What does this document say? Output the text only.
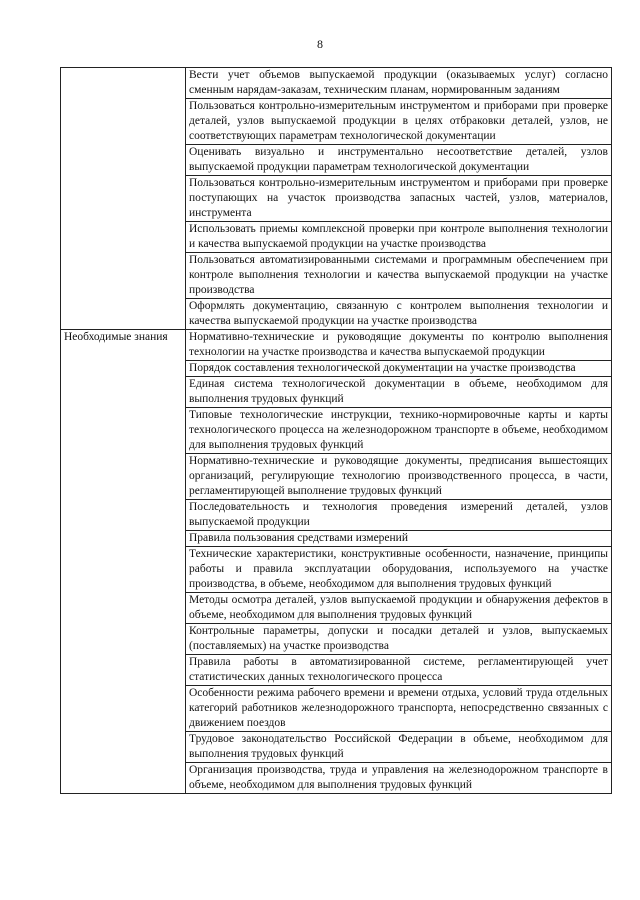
8
	Вести учет объемов выпускаемой продукции (оказываемых услуг) согласно сменным нарядам-заказам, техническим планам, нормированным заданиям
	Пользоваться контрольно-измерительным инструментом и приборами при проверке деталей, узлов выпускаемой продукции в целях отбраковки деталей, узлов, не соответствующих параметрам технологической документации
	Оценивать визуально и инструментально несоответствие деталей, узлов выпускаемой продукции параметрам технологической документации
	Пользоваться контрольно-измерительным инструментом и приборами при проверке поступающих на участок производства запасных частей, узлов, материалов, инструмента
	Использовать приемы комплексной проверки при контроле выполнения технологии и качества выпускаемой продукции на участке производства
	Пользоваться автоматизированными системами и программным обеспечением при контроле выполнения технологии и качества выпускаемой продукции на участке производства
	Оформлять документацию, связанную с контролем выполнения технологии и качества выпускаемой продукции на участке производства
Необходимые знания	Нормативно-технические и руководящие документы по контролю выполнения технологии на участке производства и качества выпускаемой продукции
	Порядок составления технологической документации на участке производства
	Единая система технологической документации в объеме, необходимом для выполнения трудовых функций
	Типовые технологические инструкции, технико-нормировочные карты и карты технологического процесса на железнодорожном транспорте в объеме, необходимом для выполнения трудовых функций
	Нормативно-технические и руководящие документы, предписания вышестоящих организаций, регулирующие технологию производственного процесса, в части, регламентирующей выполнение трудовых функций
	Последовательность и технология проведения измерений деталей, узлов выпускаемой продукции
	Правила пользования средствами измерений
	Технические характеристики, конструктивные особенности, назначение, принципы работы и правила эксплуатации оборудования, используемого на участке производства, в объеме, необходимом для выполнения трудовых функций
	Методы осмотра деталей, узлов выпускаемой продукции и обнаружения дефектов в объеме, необходимом для выполнения трудовых функций
	Контрольные параметры, допуски и посадки деталей и узлов, выпускаемых (поставляемых) на участке производства
	Правила работы в автоматизированной системе, регламентирующей учет статистических данных технологического процесса
	Особенности режима рабочего времени и времени отдыха, условий труда отдельных категорий работников железнодорожного транспорта, непосредственно связанных с движением поездов
	Трудовое законодательство Российской Федерации в объеме, необходимом для выполнения трудовых функций
	Организация производства, труда и управления на железнодорожном транспорте в объеме, необходимом для выполнения трудовых функций
